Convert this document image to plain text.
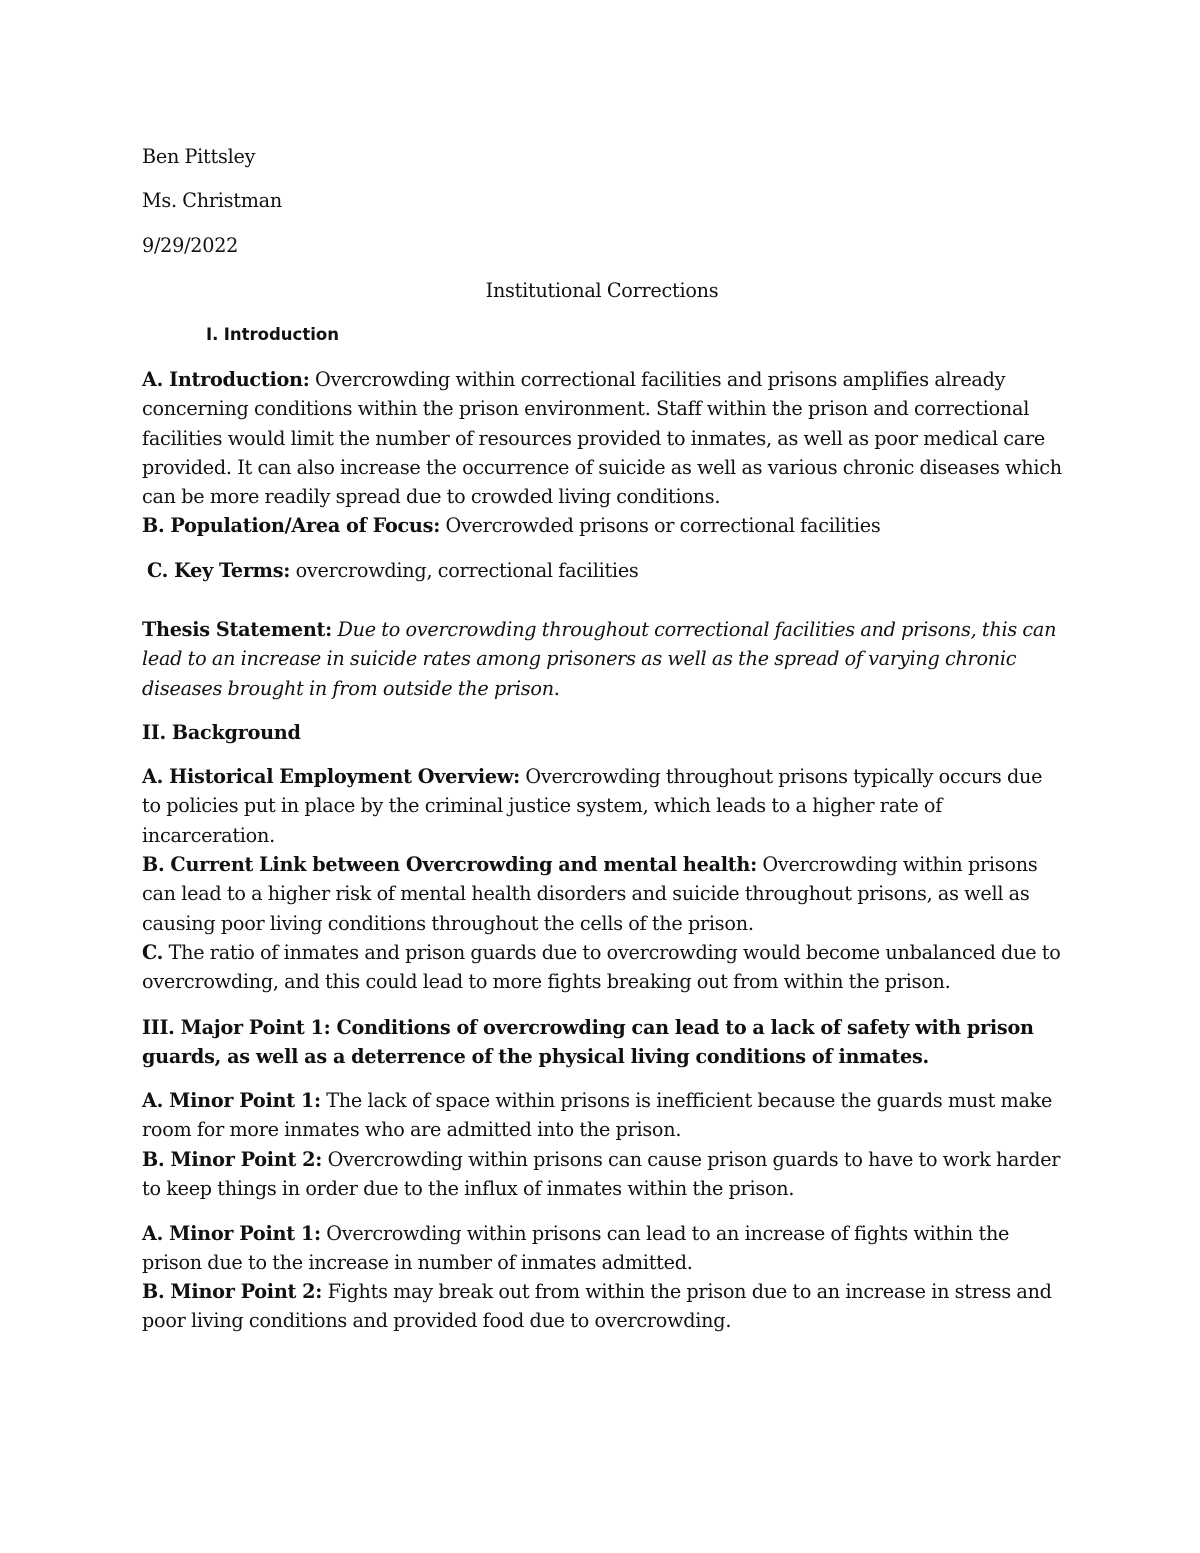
Ben Pittsley

Ms. Christman

9/29/2022

Institutional Corrections

I. Introduction

A. Introduction: Overcrowding within correctional facilities and prisons amplifies already concerning conditions within the prison environment. Staff within the prison and correctional facilities would limit the number of resources provided to inmates, as well as poor medical care provided. It can also increase the occurrence of suicide as well as various chronic diseases which can be more readily spread due to crowded living conditions.

B. Population/Area of Focus: Overcrowded prisons or correctional facilities

C. Key Terms: overcrowding, correctional facilities

Thesis Statement: Due to overcrowding throughout correctional facilities and prisons, this can lead to an increase in suicide rates among prisoners as well as the spread of varying chronic diseases brought in from outside the prison.

II. Background

A. Historical Employment Overview: Overcrowding throughout prisons typically occurs due to policies put in place by the criminal justice system, which leads to a higher rate of incarceration.

B. Current Link between Overcrowding and mental health: Overcrowding within prisons can lead to a higher risk of mental health disorders and suicide throughout prisons, as well as causing poor living conditions throughout the cells of the prison.

C. The ratio of inmates and prison guards due to overcrowding would become unbalanced due to overcrowding, and this could lead to more fights breaking out from within the prison.

III. Major Point 1: Conditions of overcrowding can lead to a lack of safety with prison guards, as well as a deterrence of the physical living conditions of inmates.

A. Minor Point 1: The lack of space within prisons is inefficient because the guards must make room for more inmates who are admitted into the prison.

B. Minor Point 2: Overcrowding within prisons can cause prison guards to have to work harder to keep things in order due to the influx of inmates within the prison.

A. Minor Point 1: Overcrowding within prisons can lead to an increase of fights within the prison due to the increase in number of inmates admitted.

B. Minor Point 2: Fights may break out from within the prison due to an increase in stress and poor living conditions and provided food due to overcrowding.
